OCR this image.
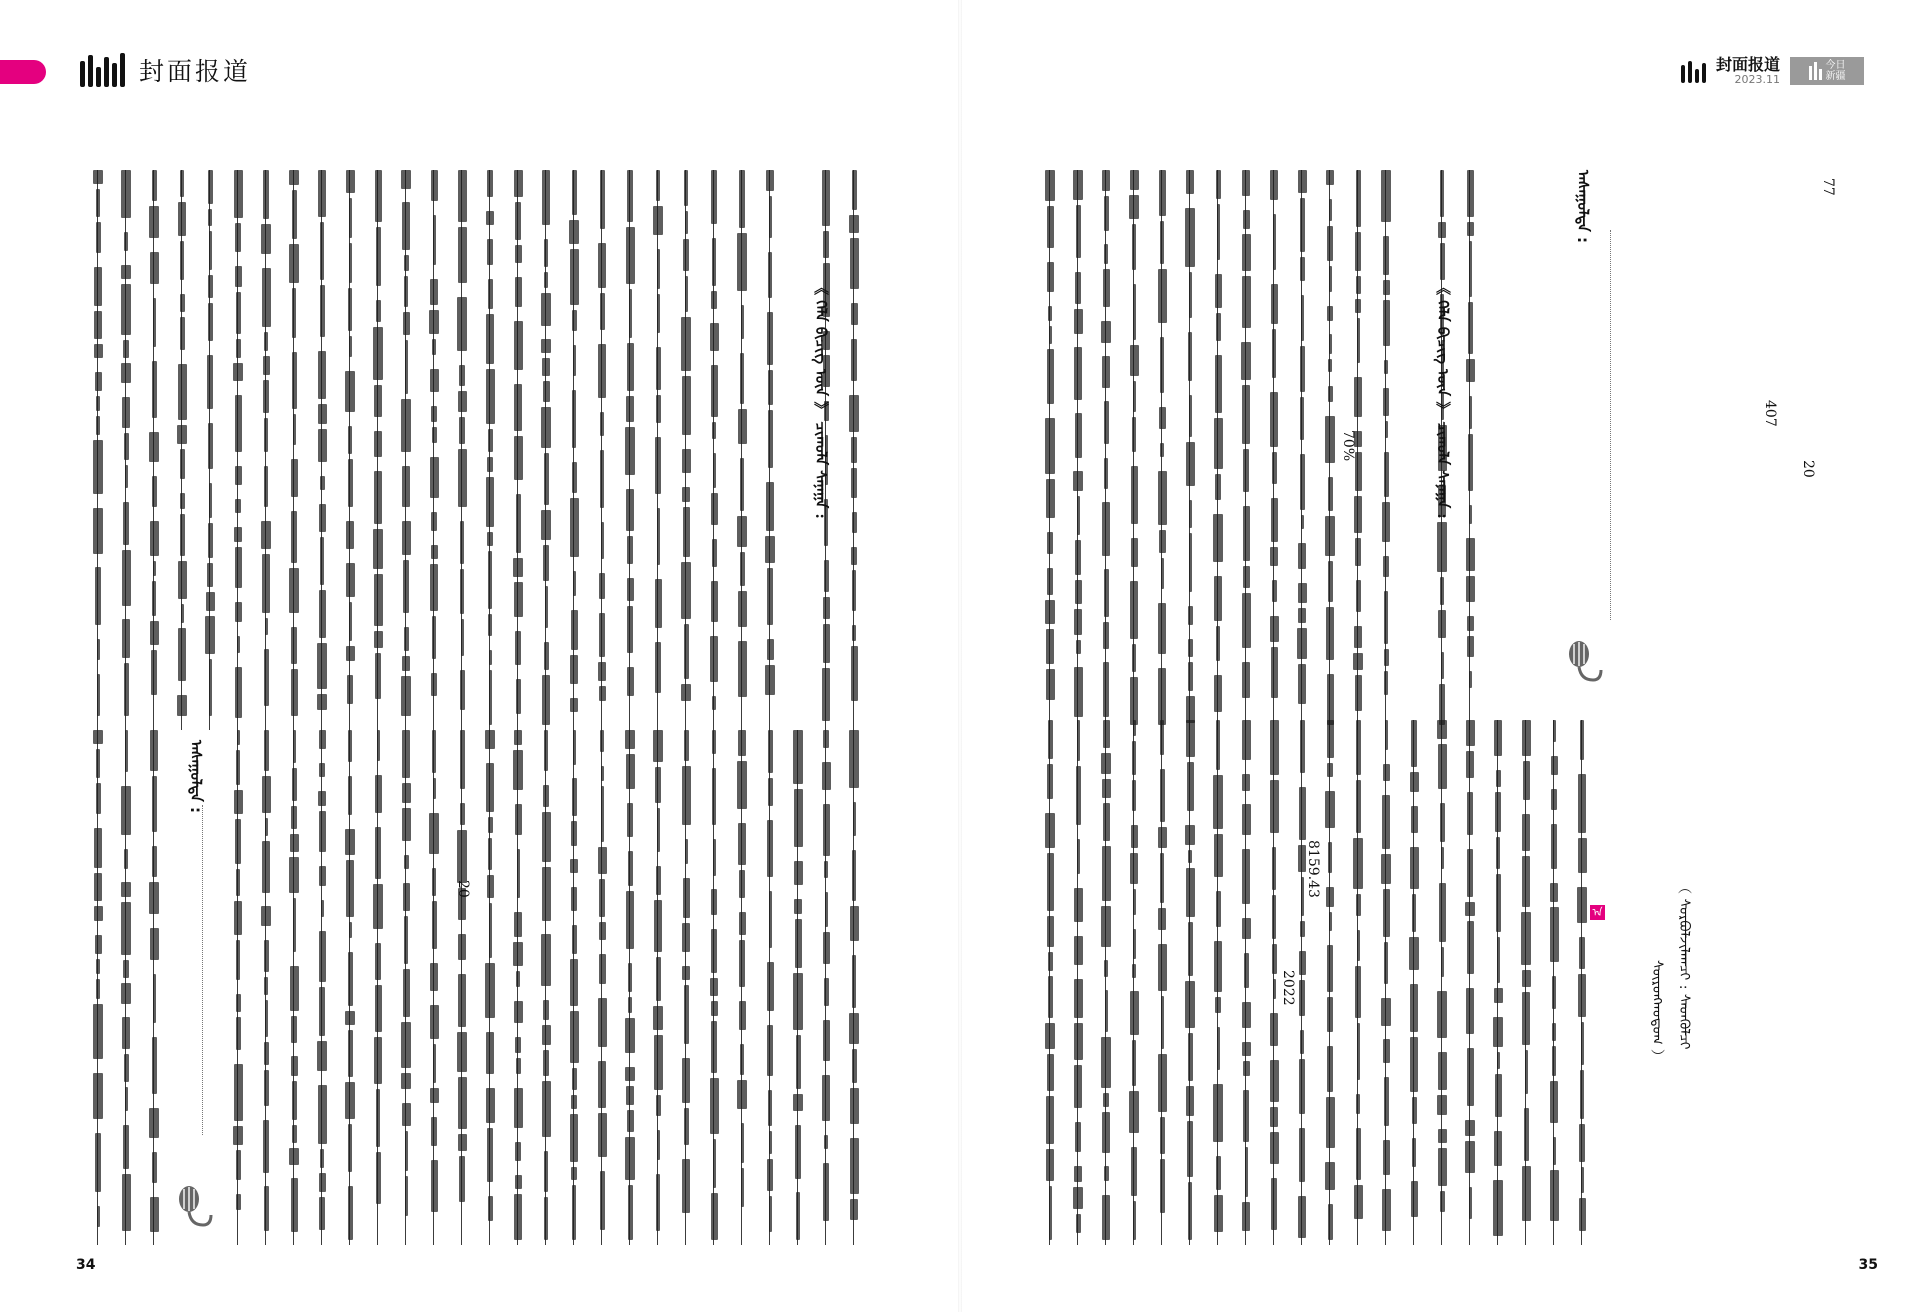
封面报道	封面报道
2023.11
今日
新疆
《 ᠬᠡᠯᠡ ᠪᠢᠴᠢᠭ ᠦᠨ 》 ᠴᠢᠬᠤᠯᠠ ᠰᠠᠨᠠᠭᠠ :
ᠠᠰᠠᠭᠤᠯᠲᠠ :
《 ᠬᠡᠯᠡ ᠪᠢᠴᠢᠭ ᠦᠨ 》 ᠴᠢᠬᠤᠯᠠ ᠰᠠᠨᠠᠭᠠ :
ᠠᠰᠠᠭᠤᠯᠲᠠ :
ᠠ	（ ᠰᠤᠷᠪᠤᠯᠵᠢᠯᠠᠭᠴᠢ : ᠰᠡᠳᠬᠦᠯᠴᠢ
ᠰᠦᠷᠦᠩᠬᠤᠳᠤᠭ ）
77
20
407
70%
20	8159.43
2022
34	35
